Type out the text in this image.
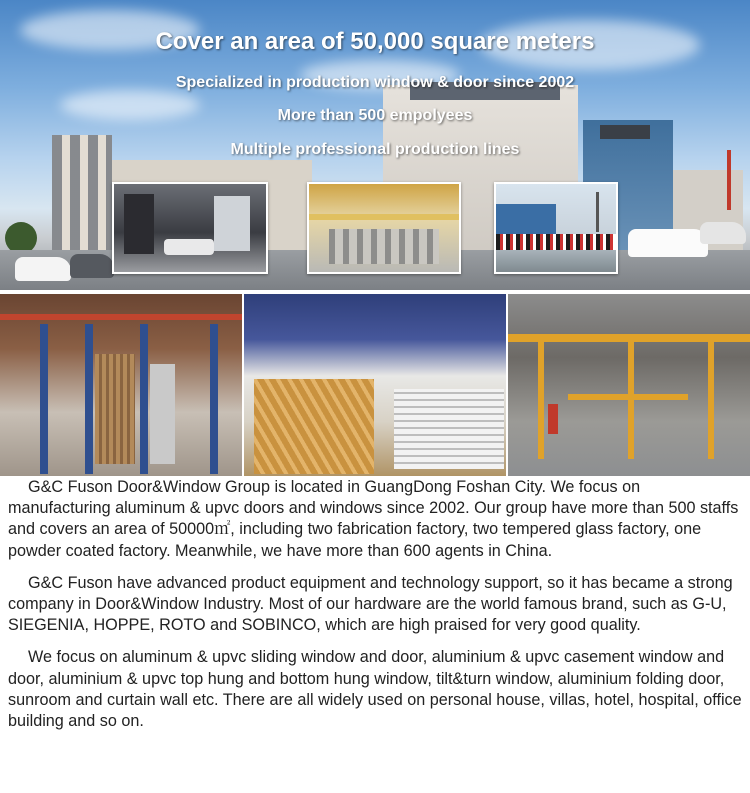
Cover an area of 50,000 square meters
Specialized in production window & door since 2002
More than 500 empolyees
Multiple professional production lines

G&C Fuson Door&Window Group is located in GuangDong Foshan City. We focus on manufacturing aluminum & upvc doors and windows since 2002. Our group have more than 500 staffs and covers an area of 50000㎡, including two fabrication factory, two tempered glass factory, one powder coated factory. Meanwhile, we have more than 600 agents in China.

G&C Fuson have advanced product equipment and technology support, so it has became a strong company in Door&Window Industry. Most of our hardware are the world famous brand, such as G-U, SIEGENIA, HOPPE, ROTO and SOBINCO, which are high praised for very good quality.

We focus on aluminum & upvc sliding window and door, aluminium & upvc casement window and door, aluminium & upvc top hung and bottom hung window, tilt&turn window, aluminium folding door, sunroom and curtain wall etc. There are all widely used on personal house, villas, hotel, hospital, office building and so on.
